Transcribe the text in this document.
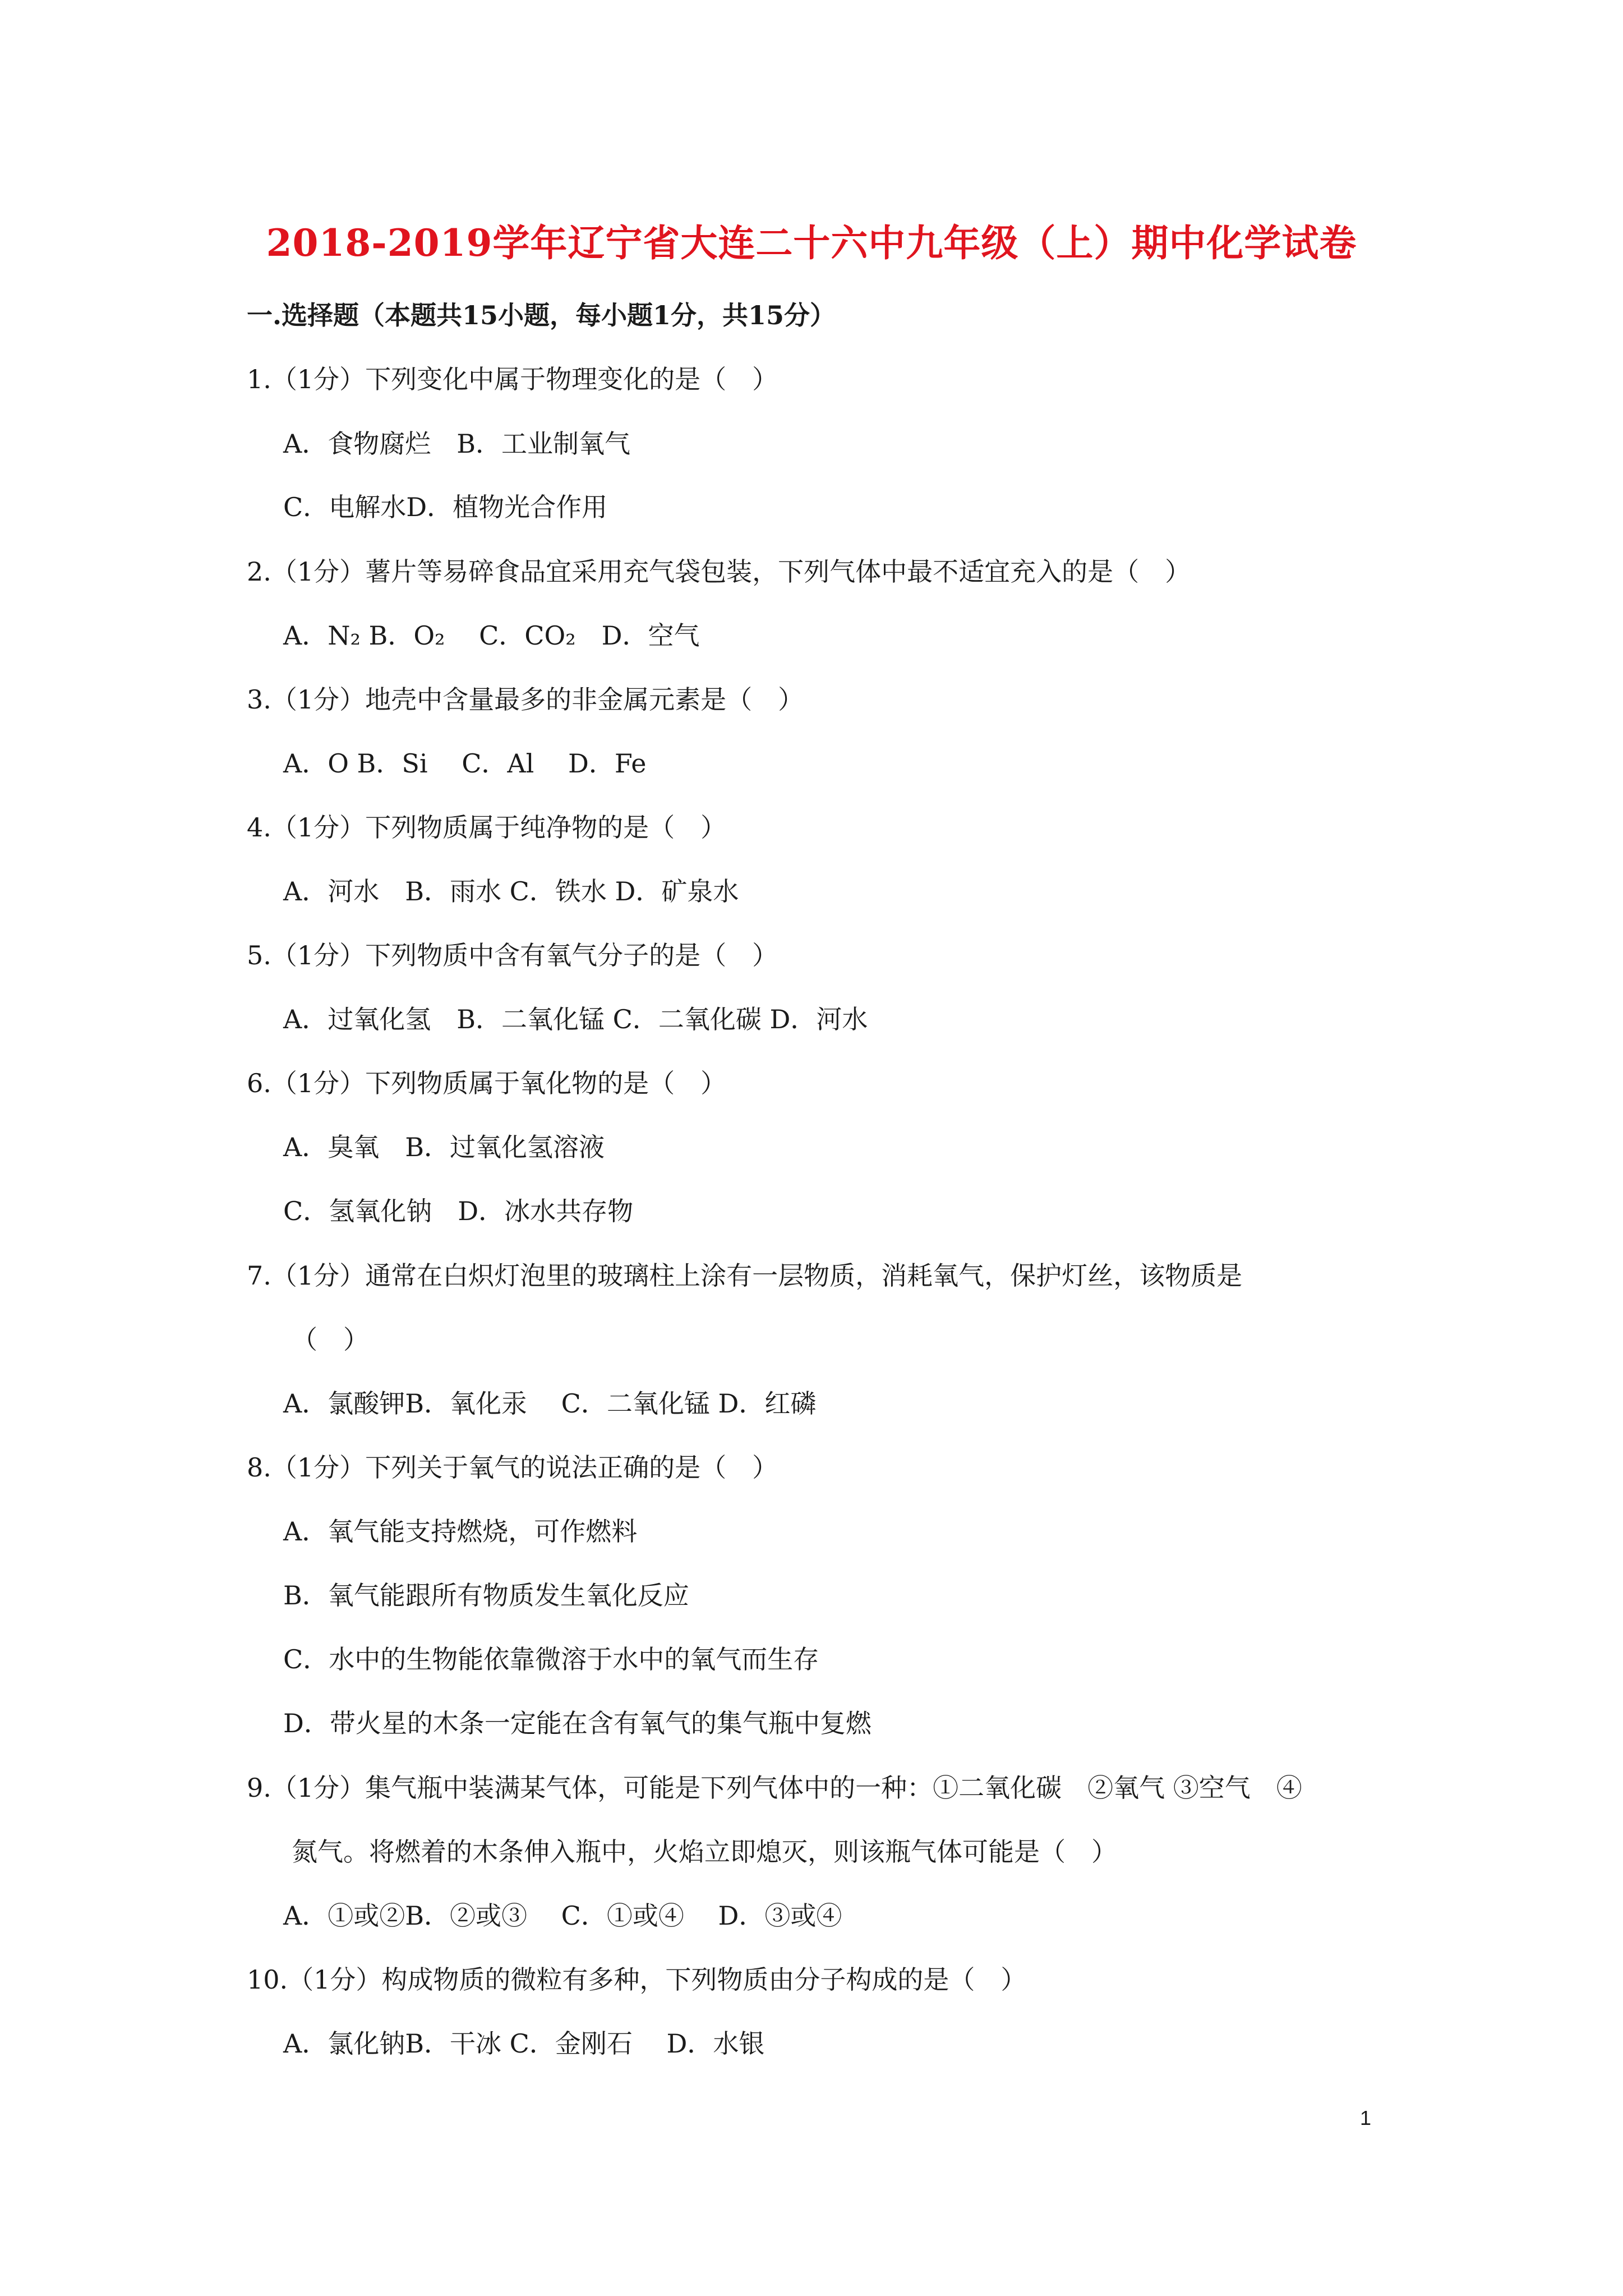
2018-2019学年辽宁省大连二十六中九年级（上）期中化学试卷
一.选择题（本题共15小题，每小题1分，共15分）
1.（1分）下列变化中属于物理变化的是（　）
A．食物腐烂　B．工业制氧气
C．电解水D．植物光合作用
2.（1分）薯片等易碎食品宜采用充气袋包装，下列气体中最不适宜充入的是（　）
A．N₂ B．O₂　 C．CO₂　D．空气
3.（1分）地壳中含量最多的非金属元素是（　）
A．O B．Si　 C．Al　 D．Fe
4.（1分）下列物质属于纯净物的是（　）
A．河水　B．雨水 C．铁水 D．矿泉水
5.（1分）下列物质中含有氧气分子的是（　）
A．过氧化氢　B．二氧化锰 C．二氧化碳 D．河水
6.（1分）下列物质属于氧化物的是（　）
A．臭氧　B．过氧化氢溶液
C．氢氧化钠　D．冰水共存物
7.（1分）通常在白炽灯泡里的玻璃柱上涂有一层物质，消耗氧气，保护灯丝，该物质是
（　）
A．氯酸钾B．氧化汞　 C．二氧化锰 D．红磷
8.（1分）下列关于氧气的说法正确的是（　）
A．氧气能支持燃烧，可作燃料
B．氧气能跟所有物质发生氧化反应
C．水中的生物能依靠微溶于水中的氧气而生存
D．带火星的木条一定能在含有氧气的集气瓶中复燃
9.（1分）集气瓶中装满某气体，可能是下列气体中的一种：①二氧化碳　②氧气 ③空气　④
氮气。将燃着的木条伸入瓶中，火焰立即熄灭，则该瓶气体可能是（　）
A．①或②B．②或③　 C．①或④　 D．③或④
10.（1分）构成物质的微粒有多种，下列物质由分子构成的是（　）
A．氯化钠B．干冰 C．金刚石　 D．水银
1
